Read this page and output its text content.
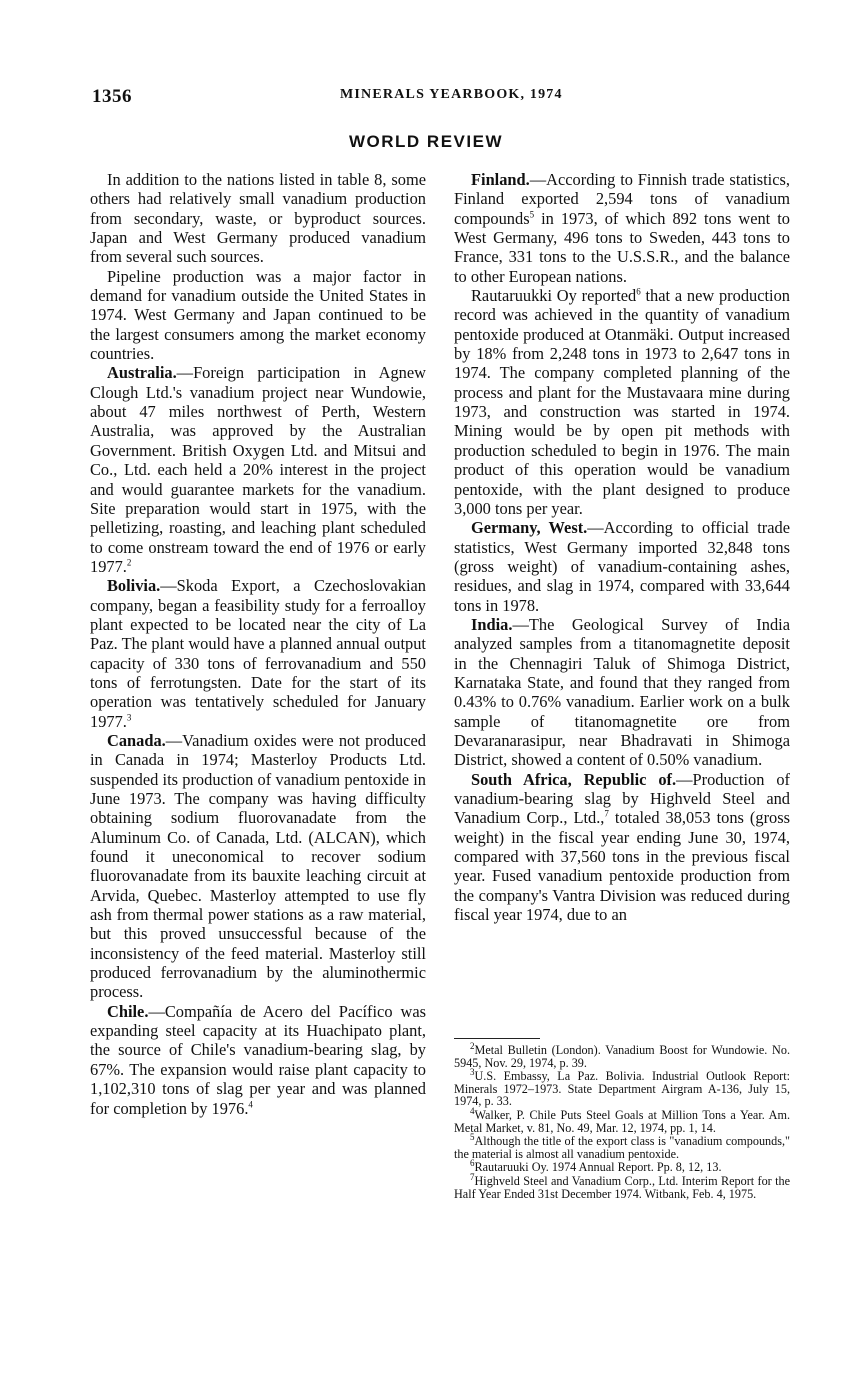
1356	MINERALS YEARBOOK, 1974
WORLD REVIEW

In addition to the nations listed in table 8, some others had relatively small vanadium production from secondary, waste, or byproduct sources. Japan and West Germany produced vanadium from several such sources.

Pipeline production was a major factor in demand for vanadium outside the United States in 1974. West Germany and Japan continued to be the largest consumers among the market economy countries.

Australia.—Foreign participation in Agnew Clough Ltd.'s vanadium project near Wundowie, about 47 miles northwest of Perth, Western Australia, was approved by the Australian Government. British Oxygen Ltd. and Mitsui and Co., Ltd. each held a 20% interest in the project and would guarantee markets for the vanadium. Site preparation would start in 1975, with the pelletizing, roasting, and leaching plant scheduled to come onstream toward the end of 1976 or early 1977.$^2$

Bolivia.—Skoda Export, a Czechoslovakian company, began a feasibility study for a ferroalloy plant expected to be located near the city of La Paz. The plant would have a planned annual output capacity of 330 tons of ferrovanadium and 550 tons of ferrotungsten. Date for the start of its operation was tentatively scheduled for January 1977.$^3$

Canada.—Vanadium oxides were not produced in Canada in 1974; Masterloy Products Ltd. suspended its production of vanadium pentoxide in June 1973. The company was having difficulty obtaining sodium fluorovanadate from the Aluminum Co. of Canada, Ltd. (ALCAN), which found it uneconomical to recover sodium fluorovanadate from its bauxite leaching circuit at Arvida, Quebec. Masterloy attempted to use fly ash from thermal power stations as a raw material, but this proved unsuccessful because of the inconsistency of the feed material. Masterloy still produced ferrovanadium by the aluminothermic process.

Chile.—Compañía de Acero del Pacífico was expanding steel capacity at its Huachipato plant, the source of Chile's vanadium-bearing slag, by 67%. The expansion would raise plant capacity to 1,102,310 tons of slag per year and was planned for completion by 1976.$^4$

Finland.—According to Finnish trade statistics, Finland exported 2,594 tons of vanadium compounds$^5$ in 1973, of which 892 tons went to West Germany, 496 tons to Sweden, 443 tons to France, 331 tons to the U.S.S.R., and the balance to other European nations.

Rautaruukki Oy reported$^6$ that a new production record was achieved in the quantity of vanadium pentoxide produced at Otanmäki. Output increased by 18% from 2,248 tons in 1973 to 2,647 tons in 1974. The company completed planning of the process and plant for the Mustavaara mine during 1973, and construction was started in 1974. Mining would be by open pit methods with production scheduled to begin in 1976. The main product of this operation would be vanadium pentoxide, with the plant designed to produce 3,000 tons per year.

Germany, West.—According to official trade statistics, West Germany imported 32,848 tons (gross weight) of vanadium-containing ashes, residues, and slag in 1974, compared with 33,644 tons in 1978.

India.—The Geological Survey of India analyzed samples from a titanomagnetite deposit in the Chennagiri Taluk of Shimoga District, Karnataka State, and found that they ranged from 0.43% to 0.76% vanadium. Earlier work on a bulk sample of titanomagnetite ore from Devaranarasipur, near Bhadravati in Shimoga District, showed a content of 0.50% vanadium.

South Africa, Republic of.—Production of vanadium-bearing slag by Highveld Steel and Vanadium Corp., Ltd.,$^7$ totaled 38,053 tons (gross weight) in the fiscal year ending June 30, 1974, compared with 37,560 tons in the previous fiscal year. Fused vanadium pentoxide production from the company's Vantra Division was reduced during fiscal year 1974, due to an

$^2$Metal Bulletin (London). Vanadium Boost for Wundowie. No. 5945, Nov. 29, 1974, p. 39.

$^3$U.S. Embassy, La Paz. Bolivia. Industrial Outlook Report: Minerals 1972–1973. State Department Airgram A-136, July 15, 1974, p. 33.

$^4$Walker, P. Chile Puts Steel Goals at Million Tons a Year. Am. Metal Market, v. 81, No. 49, Mar. 12, 1974, pp. 1, 14.

$^5$Although the title of the export class is "vanadium compounds," the material is almost all vanadium pentoxide.

$^6$Rautaruuki Oy. 1974 Annual Report. Pp. 8, 12, 13.

$^7$Highveld Steel and Vanadium Corp., Ltd. Interim Report for the Half Year Ended 31st December 1974. Witbank, Feb. 4, 1975.
